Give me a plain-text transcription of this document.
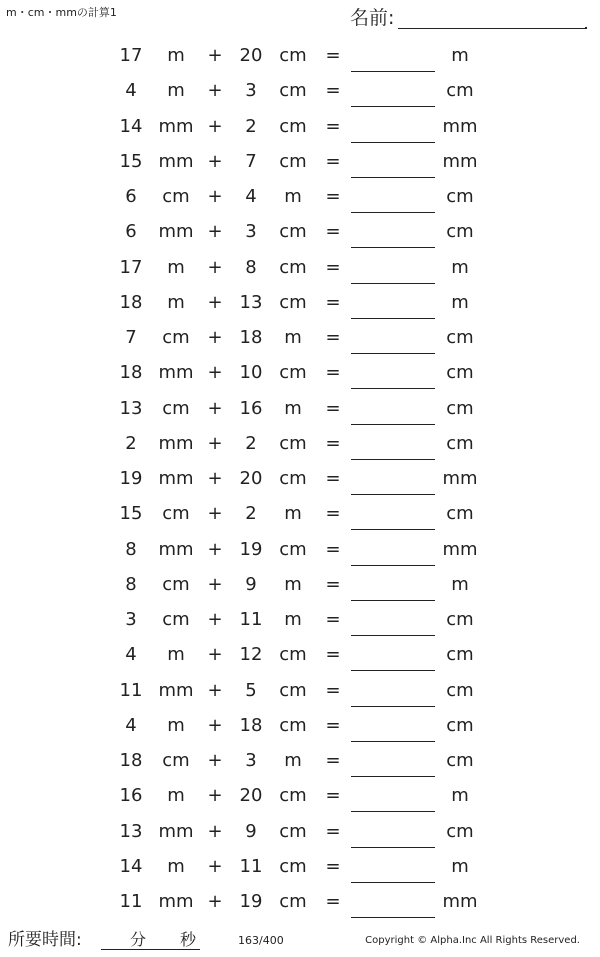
m・cm・mmの計算1	名前:
17 m + 20 cm =	m
4 m + 3 cm =	cm
14 mm + 2 cm =	mm
15 mm + 7 cm =	mm
6 cm + 4 m =	cm
6 mm + 3 cm =	cm
17 m + 8 cm =	m
18 m + 13 cm =	m
7 cm + 18 m =	cm
18 mm + 10 cm =	cm
13 cm + 16 m =	cm
2 mm + 2 cm =	cm
19 mm + 20 cm =	mm
15 cm + 2 m =	cm
8 mm + 19 cm =	mm
8 cm + 9 m =	m
3 cm + 11 m =	cm
4 m + 12 cm =	cm
11 mm + 5 cm =	cm
4 m + 18 cm =	cm
18 cm + 3 m =	cm
16 m + 20 cm =	m
13 mm + 9 cm =	cm
14 m + 11 cm =	m
11 mm + 19 cm =	mm
所要時間:	分 秒	163/400	Copyright © Alpha.Inc All Rights Reserved.
